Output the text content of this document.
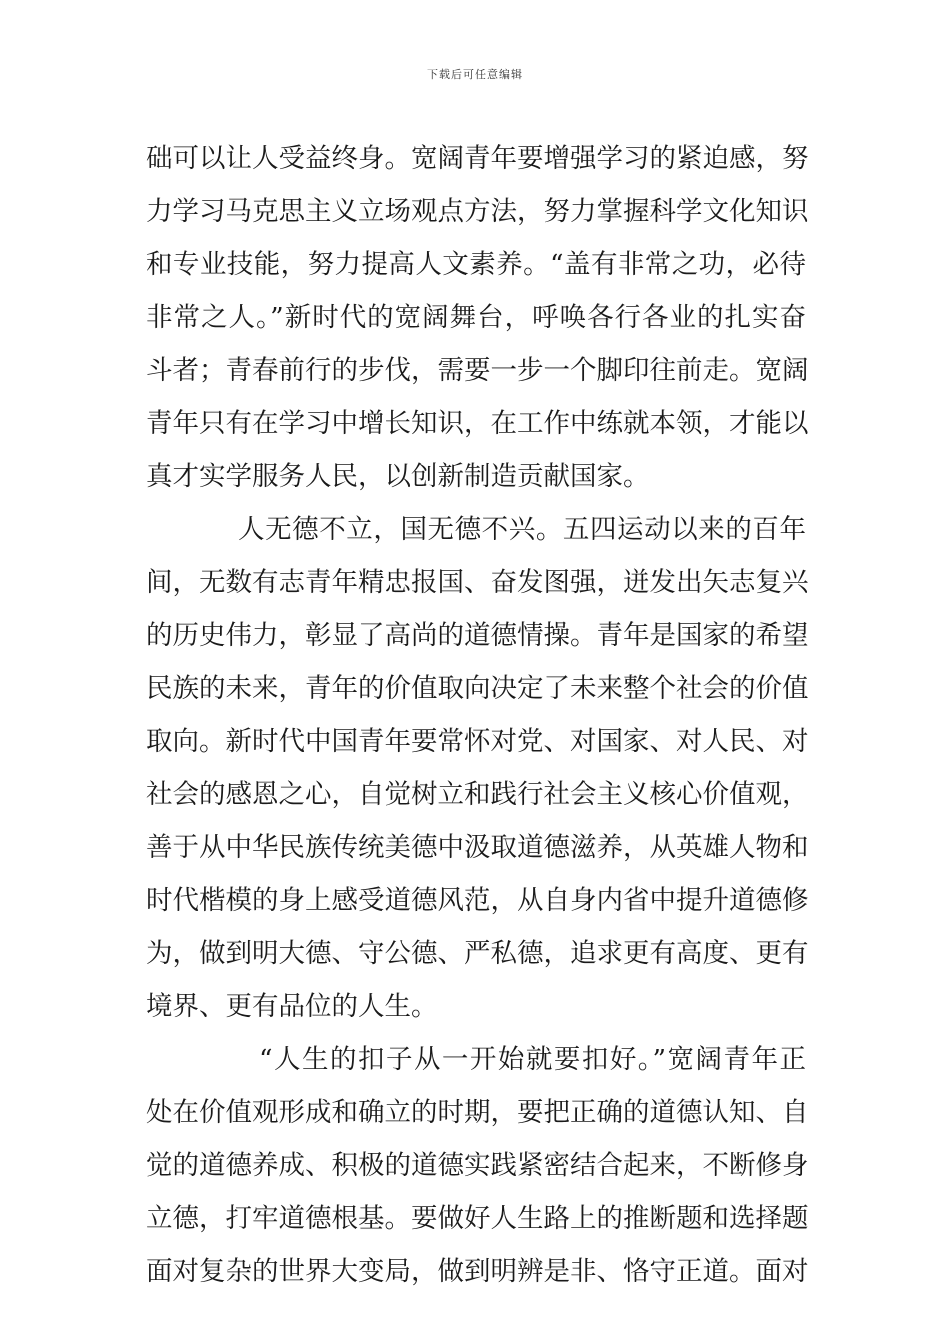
下载后可任意编辑
础可以让人受益终身。宽阔青年要增强学习的紧迫感，努
力学习马克思主义立场观点方法，努力掌握科学文化知识
和专业技能，努力提高人文素养。“盖有非常之功，必待
非常之人。”新时代的宽阔舞台，呼唤各行各业的扎实奋
斗者；青春前行的步伐，需要一步一个脚印往前走。宽阔
青年只有在学习中增长知识，在工作中练就本领，才能以
真才实学服务人民，以创新制造贡献国家。
人无德不立，国无德不兴。五四运动以来的百年
间，无数有志青年精忠报国、奋发图强，迸发出矢志复兴
的历史伟力，彰显了高尚的道德情操。青年是国家的希望
民族的未来，青年的价值取向决定了未来整个社会的价值
取向。新时代中国青年要常怀对党、对国家、对人民、对
社会的感恩之心，自觉树立和践行社会主义核心价值观，
善于从中华民族传统美德中汲取道德滋养，从英雄人物和
时代楷模的身上感受道德风范，从自身内省中提升道德修
为，做到明大德、守公德、严私德，追求更有高度、更有
境界、更有品位的人生。
“人生的扣子从一开始就要扣好。”宽阔青年正
处在价值观形成和确立的时期，要把正确的道德认知、自
觉的道德养成、积极的道德实践紧密结合起来，不断修身
立德，打牢道德根基。要做好人生路上的推断题和选择题
面对复杂的世界大变局，做到明辨是非、恪守正道。面对
